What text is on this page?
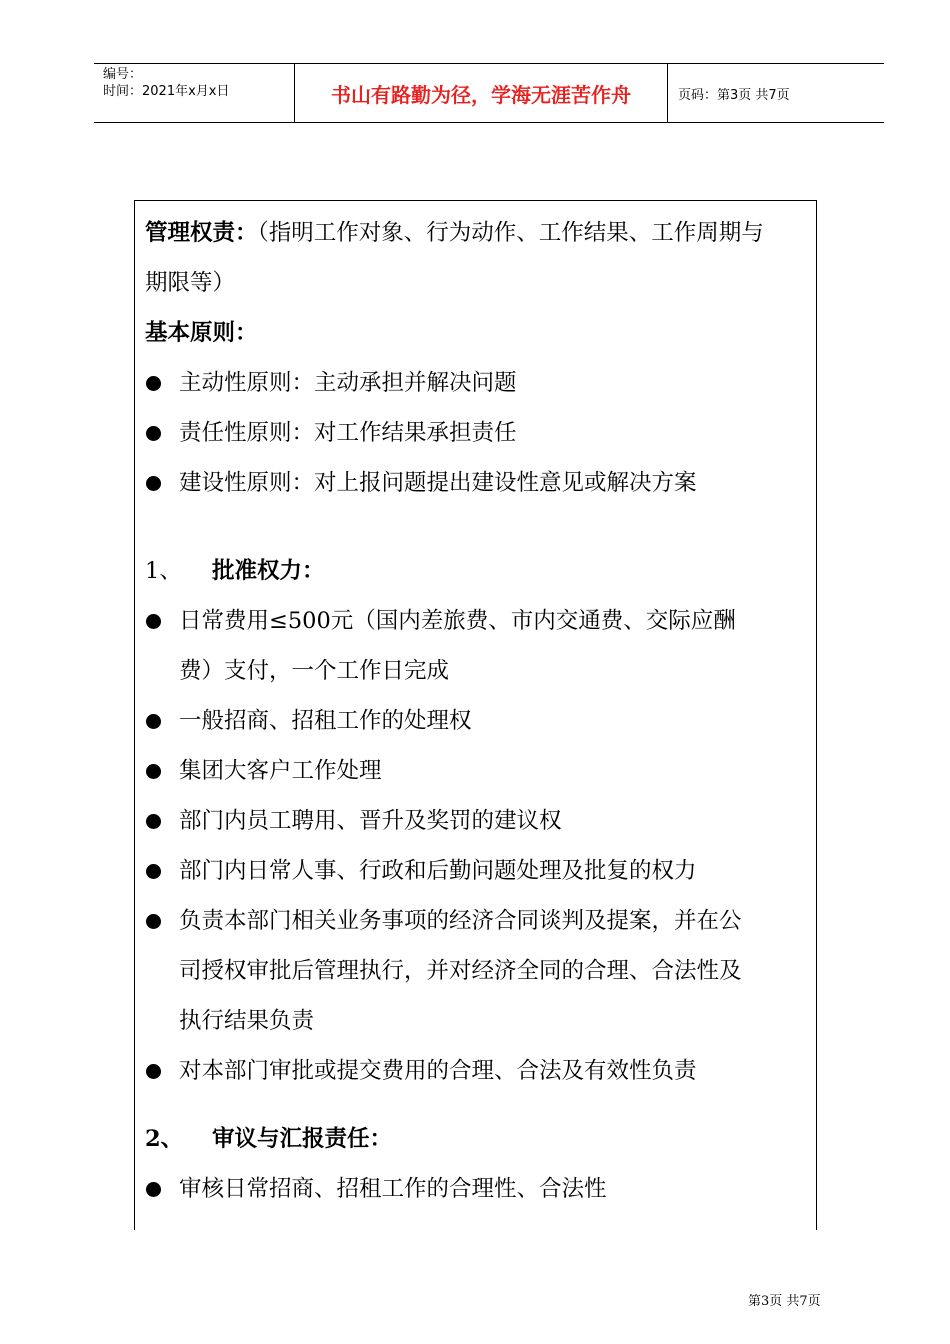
编号：
时间：2021年x月x日	书山有路勤为径，学海无涯苦作舟	页码：第3页 共7页
管理权责：（指明工作对象、行为动作、工作结果、工作周期与
期限等）
基本原则：
主动性原则：主动承担并解决问题
责任性原则：对工作结果承担责任
建设性原则：对上报问题提出建设性意见或解决方案
1、 批准权力：
日常费用≤500元（国内差旅费、市内交通费、交际应酬
费）支付，一个工作日完成
一般招商、招租工作的处理权
集团大客户工作处理
部门内员工聘用、晋升及奖罚的建议权
部门内日常人事、行政和后勤问题处理及批复的权力
负责本部门相关业务事项的经济合同谈判及提案，并在公
司授权审批后管理执行，并对经济全同的合理、合法性及
执行结果负责
对本部门审批或提交费用的合理、合法及有效性负责
2、 审议与汇报责任：
审核日常招商、招租工作的合理性、合法性
第3页 共7页
